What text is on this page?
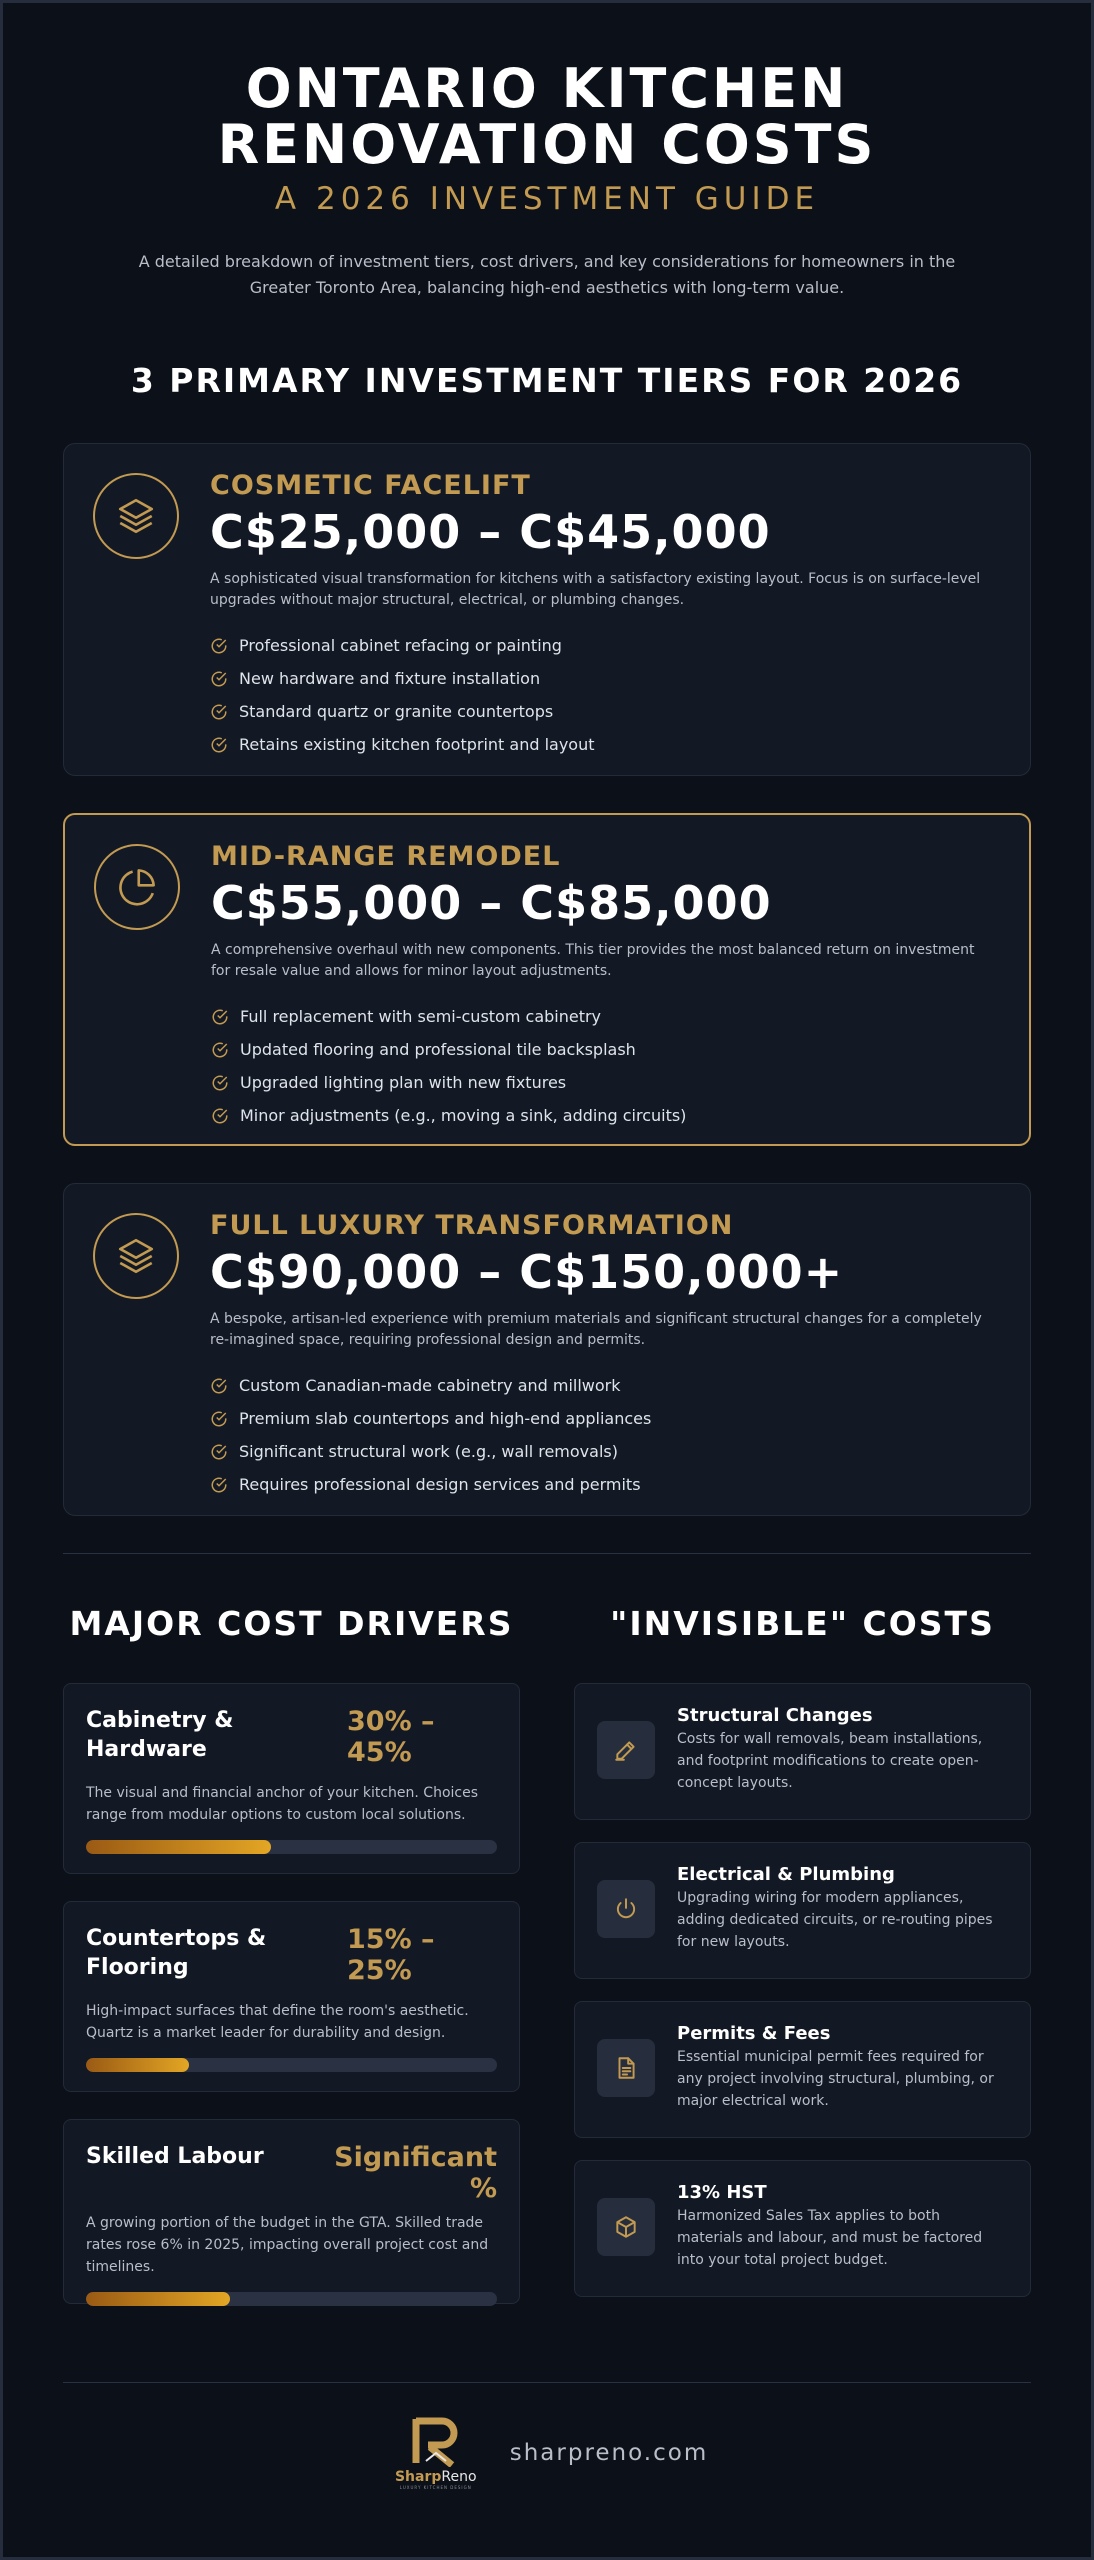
ONTARIO KITCHEN RENOVATION COSTS
A 2026 INVESTMENT GUIDE
A detailed breakdown of investment tiers, cost drivers, and key considerations for homeowners in the Greater Toronto Area, balancing high-end aesthetics with long-term value.
3 PRIMARY INVESTMENT TIERS FOR 2026
COSMETIC FACELIFT
C$25,000 – C$45,000
A sophisticated visual transformation for kitchens with a satisfactory existing layout. Focus is on surface-level upgrades without major structural, electrical, or plumbing changes.
Professional cabinet refacing or painting
New hardware and fixture installation
Standard quartz or granite countertops
Retains existing kitchen footprint and layout
MID-RANGE REMODEL
C$55,000 – C$85,000
A comprehensive overhaul with new components. This tier provides the most balanced return on investment for resale value and allows for minor layout adjustments.
Full replacement with semi-custom cabinetry
Updated flooring and professional tile backsplash
Upgraded lighting plan with new fixtures
Minor adjustments (e.g., moving a sink, adding circuits)
FULL LUXURY TRANSFORMATION
C$90,000 – C$150,000+
A bespoke, artisan-led experience with premium materials and significant structural changes for a completely re-imagined space, requiring professional design and permits.
Custom Canadian-made cabinetry and millwork
Premium slab countertops and high-end appliances
Significant structural work (e.g., wall removals)
Requires professional design services and permits
MAJOR COST DRIVERS
Cabinetry & Hardware
30% – 45%
The visual and financial anchor of your kitchen. Choices range from modular options to custom local solutions.
Countertops & Flooring
15% – 25%
High-impact surfaces that define the room's aesthetic. Quartz is a market leader for durability and design.
Skilled Labour	Significant %
A growing portion of the budget in the GTA. Skilled trade rates rose 6% in 2025, impacting overall project cost and timelines.
"INVISIBLE" COSTS
Structural Changes
Costs for wall removals, beam installations, and footprint modifications to create open-concept layouts.
Electrical & Plumbing
Upgrading wiring for modern appliances, adding dedicated circuits, or re-routing pipes for new layouts.
Permits & Fees
Essential municipal permit fees required for any project involving structural, plumbing, or major electrical work.
13% HST
Harmonized Sales Tax applies to both materials and labour, and must be factored into your total project budget.
SharpReno
LUXURY KITCHEN DESIGN
sharpreno.com
